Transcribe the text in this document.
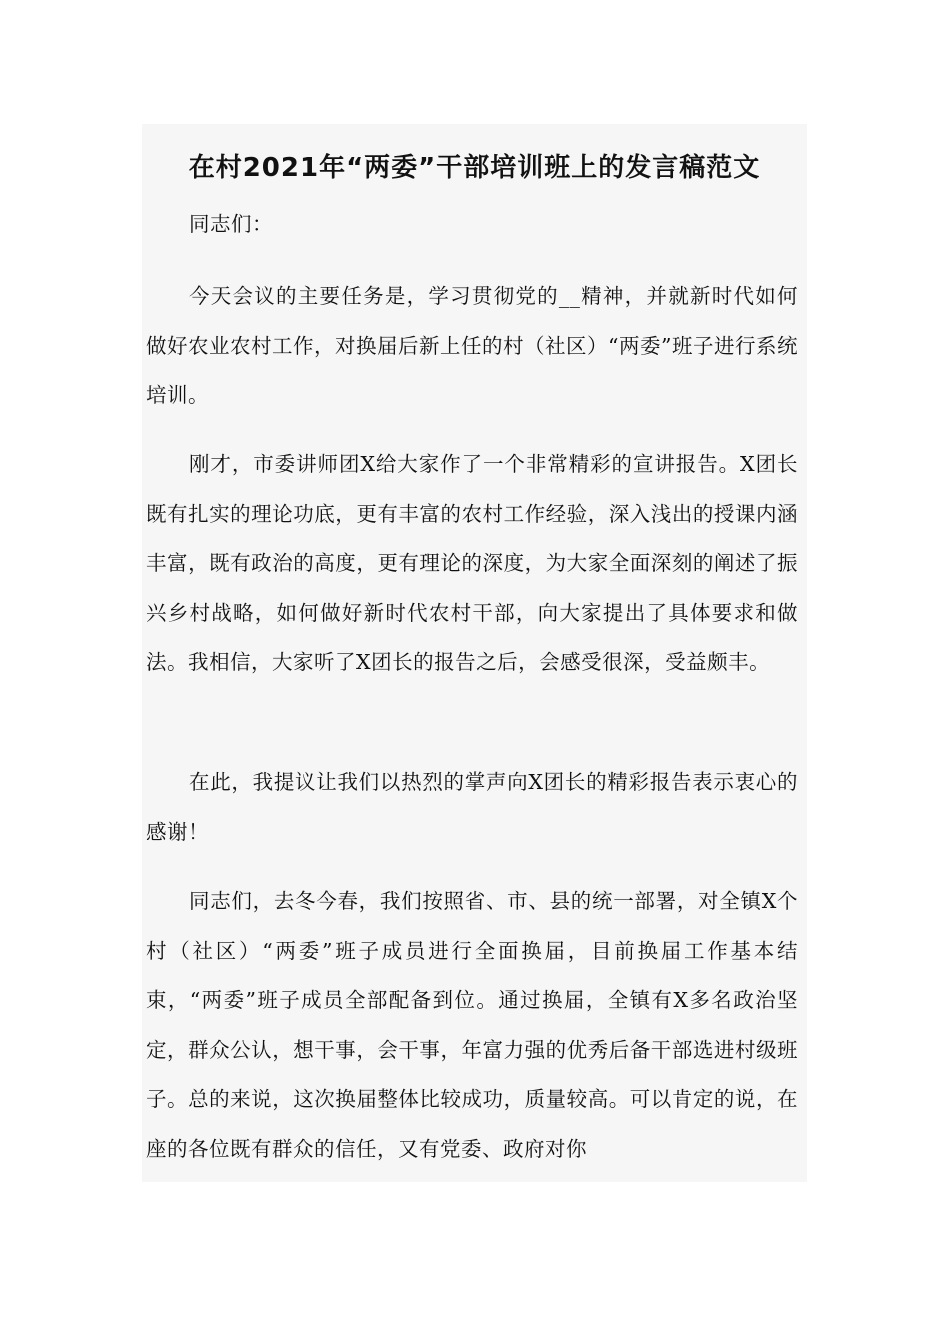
在村2021年“两委”干部培训班上的发言稿范文

同志们：

今天会议的主要任务是，学习贯彻党的__精神，并就新时代如何做好农业农村工作，对换届后新上任的村（社区）“两委”班子进行系统培训。

刚才，市委讲师团X给大家作了一个非常精彩的宣讲报告。X团长既有扎实的理论功底，更有丰富的农村工作经验，深入浅出的授课内涵丰富，既有政治的高度，更有理论的深度，为大家全面深刻的阐述了振兴乡村战略，如何做好新时代农村干部，向大家提出了具体要求和做法。我相信，大家听了X团长的报告之后，会感受很深，受益颇丰。

在此，我提议让我们以热烈的掌声向X团长的精彩报告表示衷心的感谢！

同志们，去冬今春，我们按照省、市、县的统一部署，对全镇X个村（社区）“两委”班子成员进行全面换届，目前换届工作基本结束，“两委”班子成员全部配备到位。通过换届，全镇有X多名政治坚定，群众公认，想干事，会干事，年富力强的优秀后备干部选进村级班子。总的来说，这次换届整体比较成功，质量较高。可以肯定的说，在座的各位既有群众的信任，又有党委、政府对你
